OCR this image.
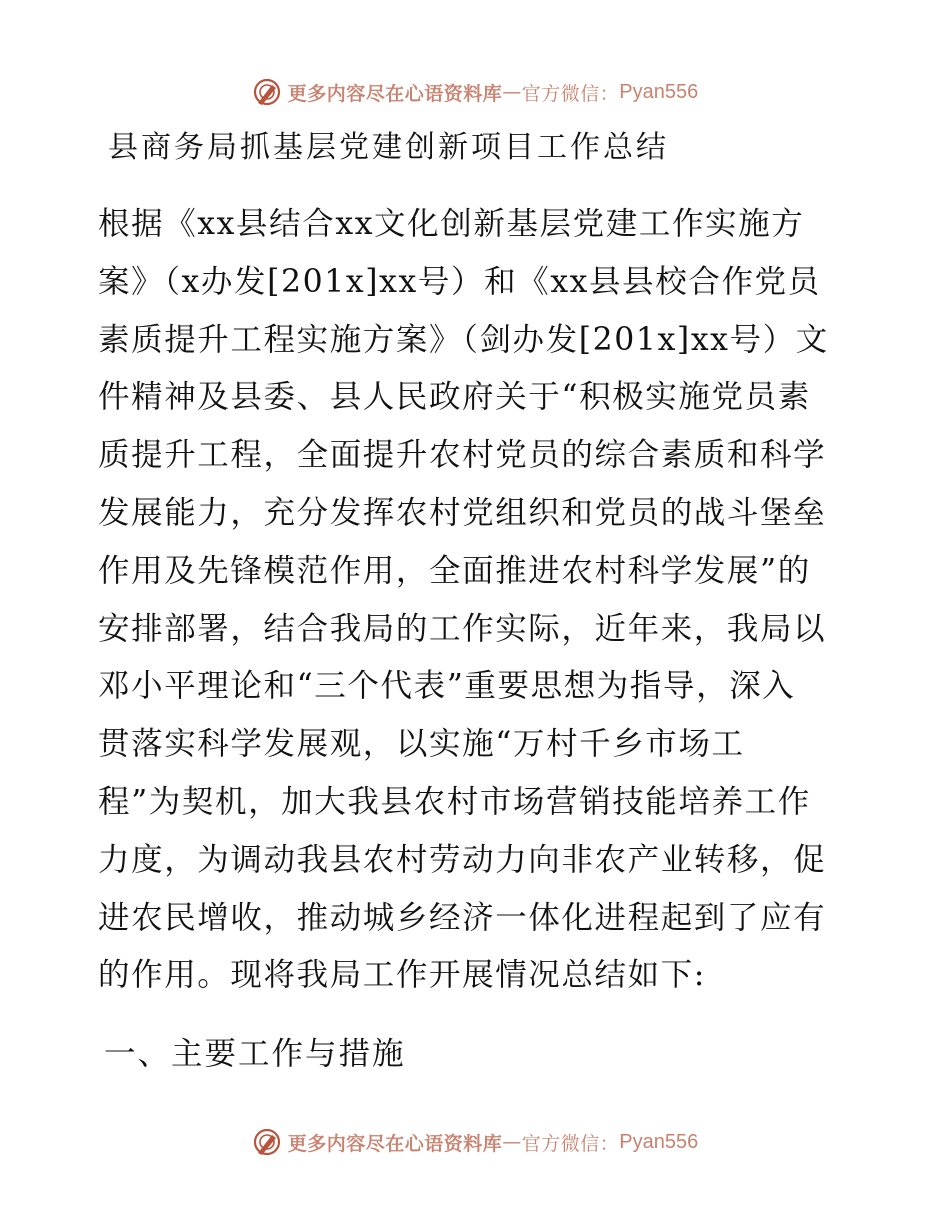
更多内容尽在心语资料库 — 官方微信： Pyan556
县商务局抓基层党建创新项目工作总结
根据《xx县结合xx文化创新基层党建工作实施方
案》（x办发[201x]xx号）和《xx县县校合作党员
素质提升工程实施方案》（剑办发[201x]xx号）文
件精神及县委、县人民政府关于“积极实施党员素
质提升工程，全面提升农村党员的综合素质和科学
发展能力，充分发挥农村党组织和党员的战斗堡垒
作用及先锋模范作用，全面推进农村科学发展”的
安排部署，结合我局的工作实际，近年来，我局以
邓小平理论和“三个代表”重要思想为指导，深入
贯落实科学发展观，以实施“万村千乡市场工
程”为契机，加大我县农村市场营销技能培养工作
力度，为调动我县农村劳动力向非农产业转移，促
进农民增收，推动城乡经济一体化进程起到了应有
的作用。现将我局工作开展情况总结如下:
一、主要工作与措施
更多内容尽在心语资料库 — 官方微信： Pyan556
